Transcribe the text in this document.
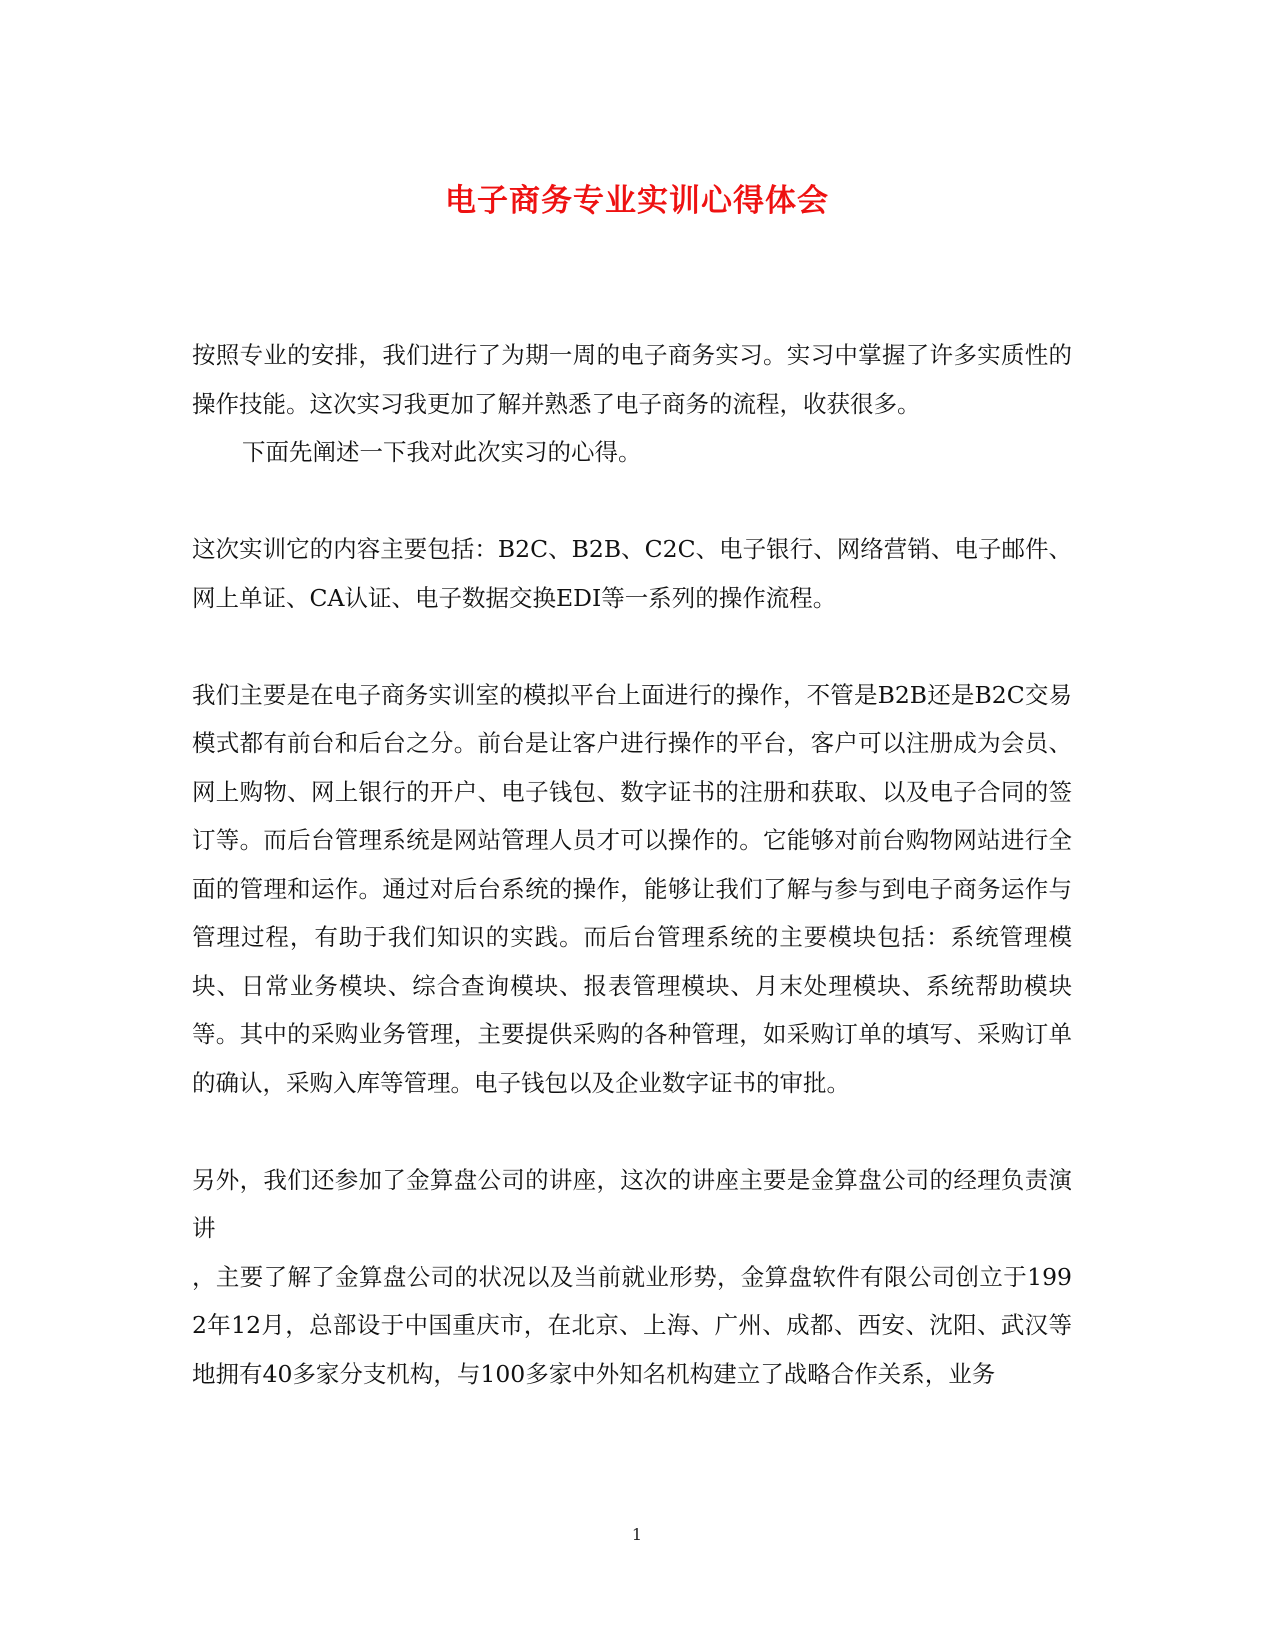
电子商务专业实训心得体会

按照专业的安排，我们进行了为期一周的电子商务实习。实习中掌握了许多实质性的操作技能。这次实习我更加了解并熟悉了电子商务的流程，收获很多。

下面先阐述一下我对此次实习的心得。

这次实训它的内容主要包括：B2C、B2B、C2C、电子银行、网络营销、电子邮件、网上单证、CA认证、电子数据交换EDI等一系列的操作流程。

我们主要是在电子商务实训室的模拟平台上面进行的操作，不管是B2B还是B2C交易模式都有前台和后台之分。前台是让客户进行操作的平台，客户可以注册成为会员、网上购物、网上银行的开户、电子钱包、数字证书的注册和获取、以及电子合同的签订等。而后台管理系统是网站管理人员才可以操作的。它能够对前台购物网站进行全面的管理和运作。通过对后台系统的操作，能够让我们了解与参与到电子商务运作与管理过程，有助于我们知识的实践。而后台管理系统的主要模块包括：系统管理模块、日常业务模块、综合查询模块、报表管理模块、月末处理模块、系统帮助模块等。其中的采购业务管理，主要提供采购的各种管理，如采购订单的填写、采购订单的确认，采购入库等管理。电子钱包以及企业数字证书的审批。

另外，我们还参加了金算盘公司的讲座，这次的讲座主要是金算盘公司的经理负责演讲

，主要了解了金算盘公司的状况以及当前就业形势，金算盘软件有限公司创立于1992年12月，总部设于中国重庆市，在北京、上海、广州、成都、西安、沈阳、武汉等地拥有40多家分支机构，与100多家中外知名机构建立了战略合作关系，业务

1
